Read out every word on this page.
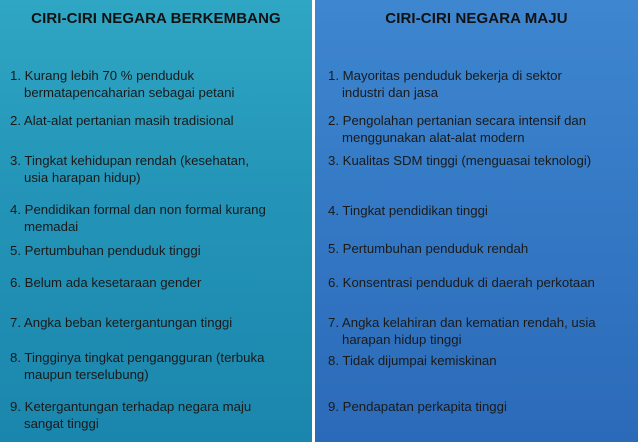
CIRI-CIRI NEGARA BERKEMBANG
1. Kurang lebih 70 % penduduk
bermatapencaharian sebagai petani
2. Alat-alat pertanian masih tradisional
3. Tingkat kehidupan rendah (kesehatan,
usia harapan hidup)
4. Pendidikan formal dan non formal kurang
memadai
5. Pertumbuhan penduduk tinggi
6. Belum ada kesetaraan gender
7. Angka beban ketergantungan tinggi
8. Tingginya tingkat pengangguran (terbuka
maupun terselubung)
9. Ketergantungan terhadap negara maju
sangat tinggi
CIRI-CIRI NEGARA MAJU
1. Mayoritas penduduk bekerja di sektor
industri dan jasa
2. Pengolahan pertanian secara intensif dan
menggunakan alat-alat modern
3. Kualitas SDM tinggi (menguasai teknologi)
4. Tingkat pendidikan tinggi
5. Pertumbuhan penduduk rendah
6. Konsentrasi penduduk di daerah perkotaan
7. Angka kelahiran dan kematian rendah, usia
harapan hidup tinggi
8. Tidak dijumpai kemiskinan
9. Pendapatan perkapita tinggi
